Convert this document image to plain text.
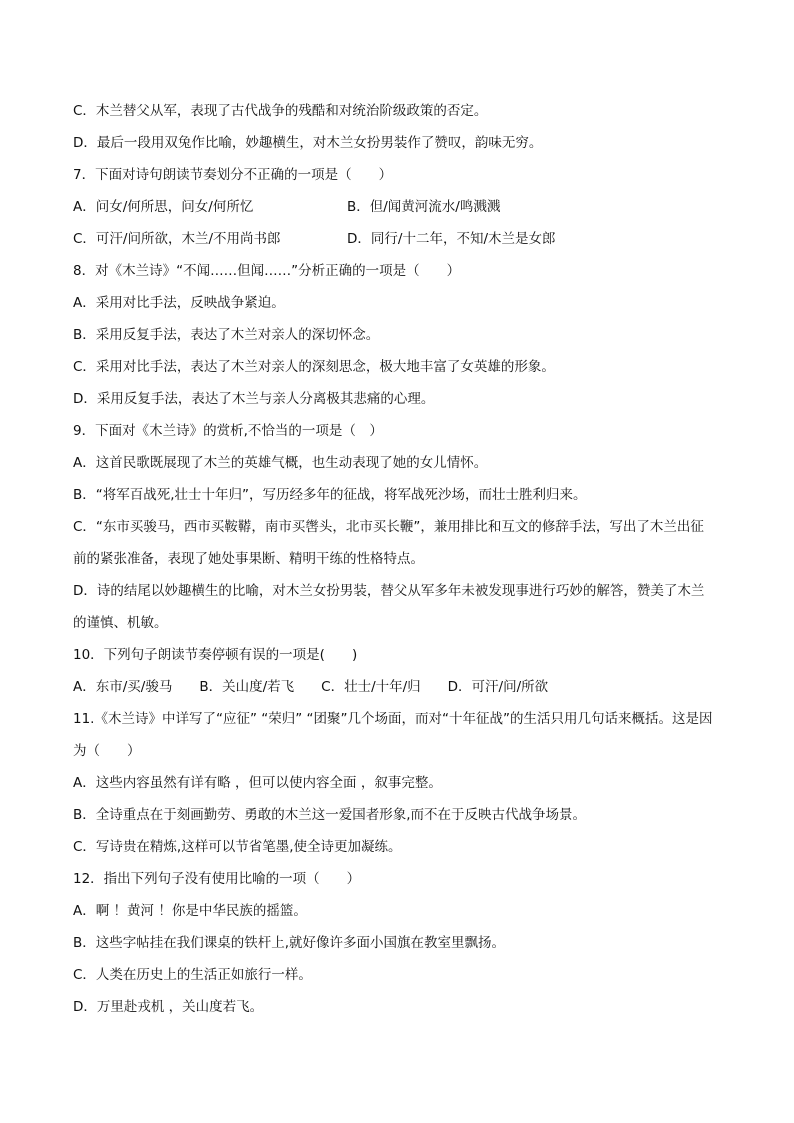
C．木兰替父从军，表现了古代战争的残酷和对统治阶级政策的否定。
D．最后一段用双兔作比喻，妙趣横生，对木兰女扮男装作了赞叹，韵味无穷。
7．下面对诗句朗读节奏划分不正确的一项是（　　）
A．问女/何所思，问女/何所忆	B．但/闻黄河流水/鸣溅溅
C．可汗/问所欲，木兰/不用尚书郎	D．同行/十二年，不知/木兰是女郎
8．对《木兰诗》“不闻……但闻……”分析正确的一项是（　　）
A．采用对比手法，反映战争紧迫。
B．采用反复手法，表达了木兰对亲人的深切怀念。
C．采用对比手法，表达了木兰对亲人的深刻思念，极大地丰富了女英雄的形象。
D．采用反复手法，表达了木兰与亲人分离极其悲痛的心理。
9．下面对《木兰诗》的赏析,不恰当的一项是（　）
A．这首民歌既展现了木兰的英雄气概，也生动表现了她的女儿情怀。
B．“将军百战死,壮士十年归”，写历经多年的征战，将军战死沙场，而壮士胜利归来。
C．“东市买骏马，西市买鞍鞯，南市买辔头，北市买长鞭”，兼用排比和互文的修辞手法，写出了木兰出征
前的紧张准备，表现了她处事果断、精明干练的性格特点。
D．诗的结尾以妙趣横生的比喻，对木兰女扮男装，替父从军多年未被发现事进行巧妙的解答，赞美了木兰
的谨慎、机敏。
10．下列句子朗读节奏停顿有误的一项是(　　)
A．东市/买/骏马　　B．关山度/若飞　　C．壮士/十年/归　　D．可汗/问/所欲
11.《木兰诗》中详写了“应征” “荣归” “团聚”几个场面，而对“十年征战”的生活只用几句话来概括。这是因
为（　　）
A．这些内容虽然有详有略 ，但可以使内容全面 ，叙事完整。
B．全诗重点在于刻画勤劳、勇敢的木兰这一爱国者形象,而不在于反映古代战争场景。
C．写诗贵在精炼,这样可以节省笔墨,使全诗更加凝练。
12．指出下列句子没有使用比喻的一项（　　）
A．啊 ！黄河 ！你是中华民族的摇篮。
B．这些字帖挂在我们课桌的铁杆上,就好像许多面小国旗在教室里飘扬。
C．人类在历史上的生活正如旅行一样。
D．万里赴戎机 ，关山度若飞。
